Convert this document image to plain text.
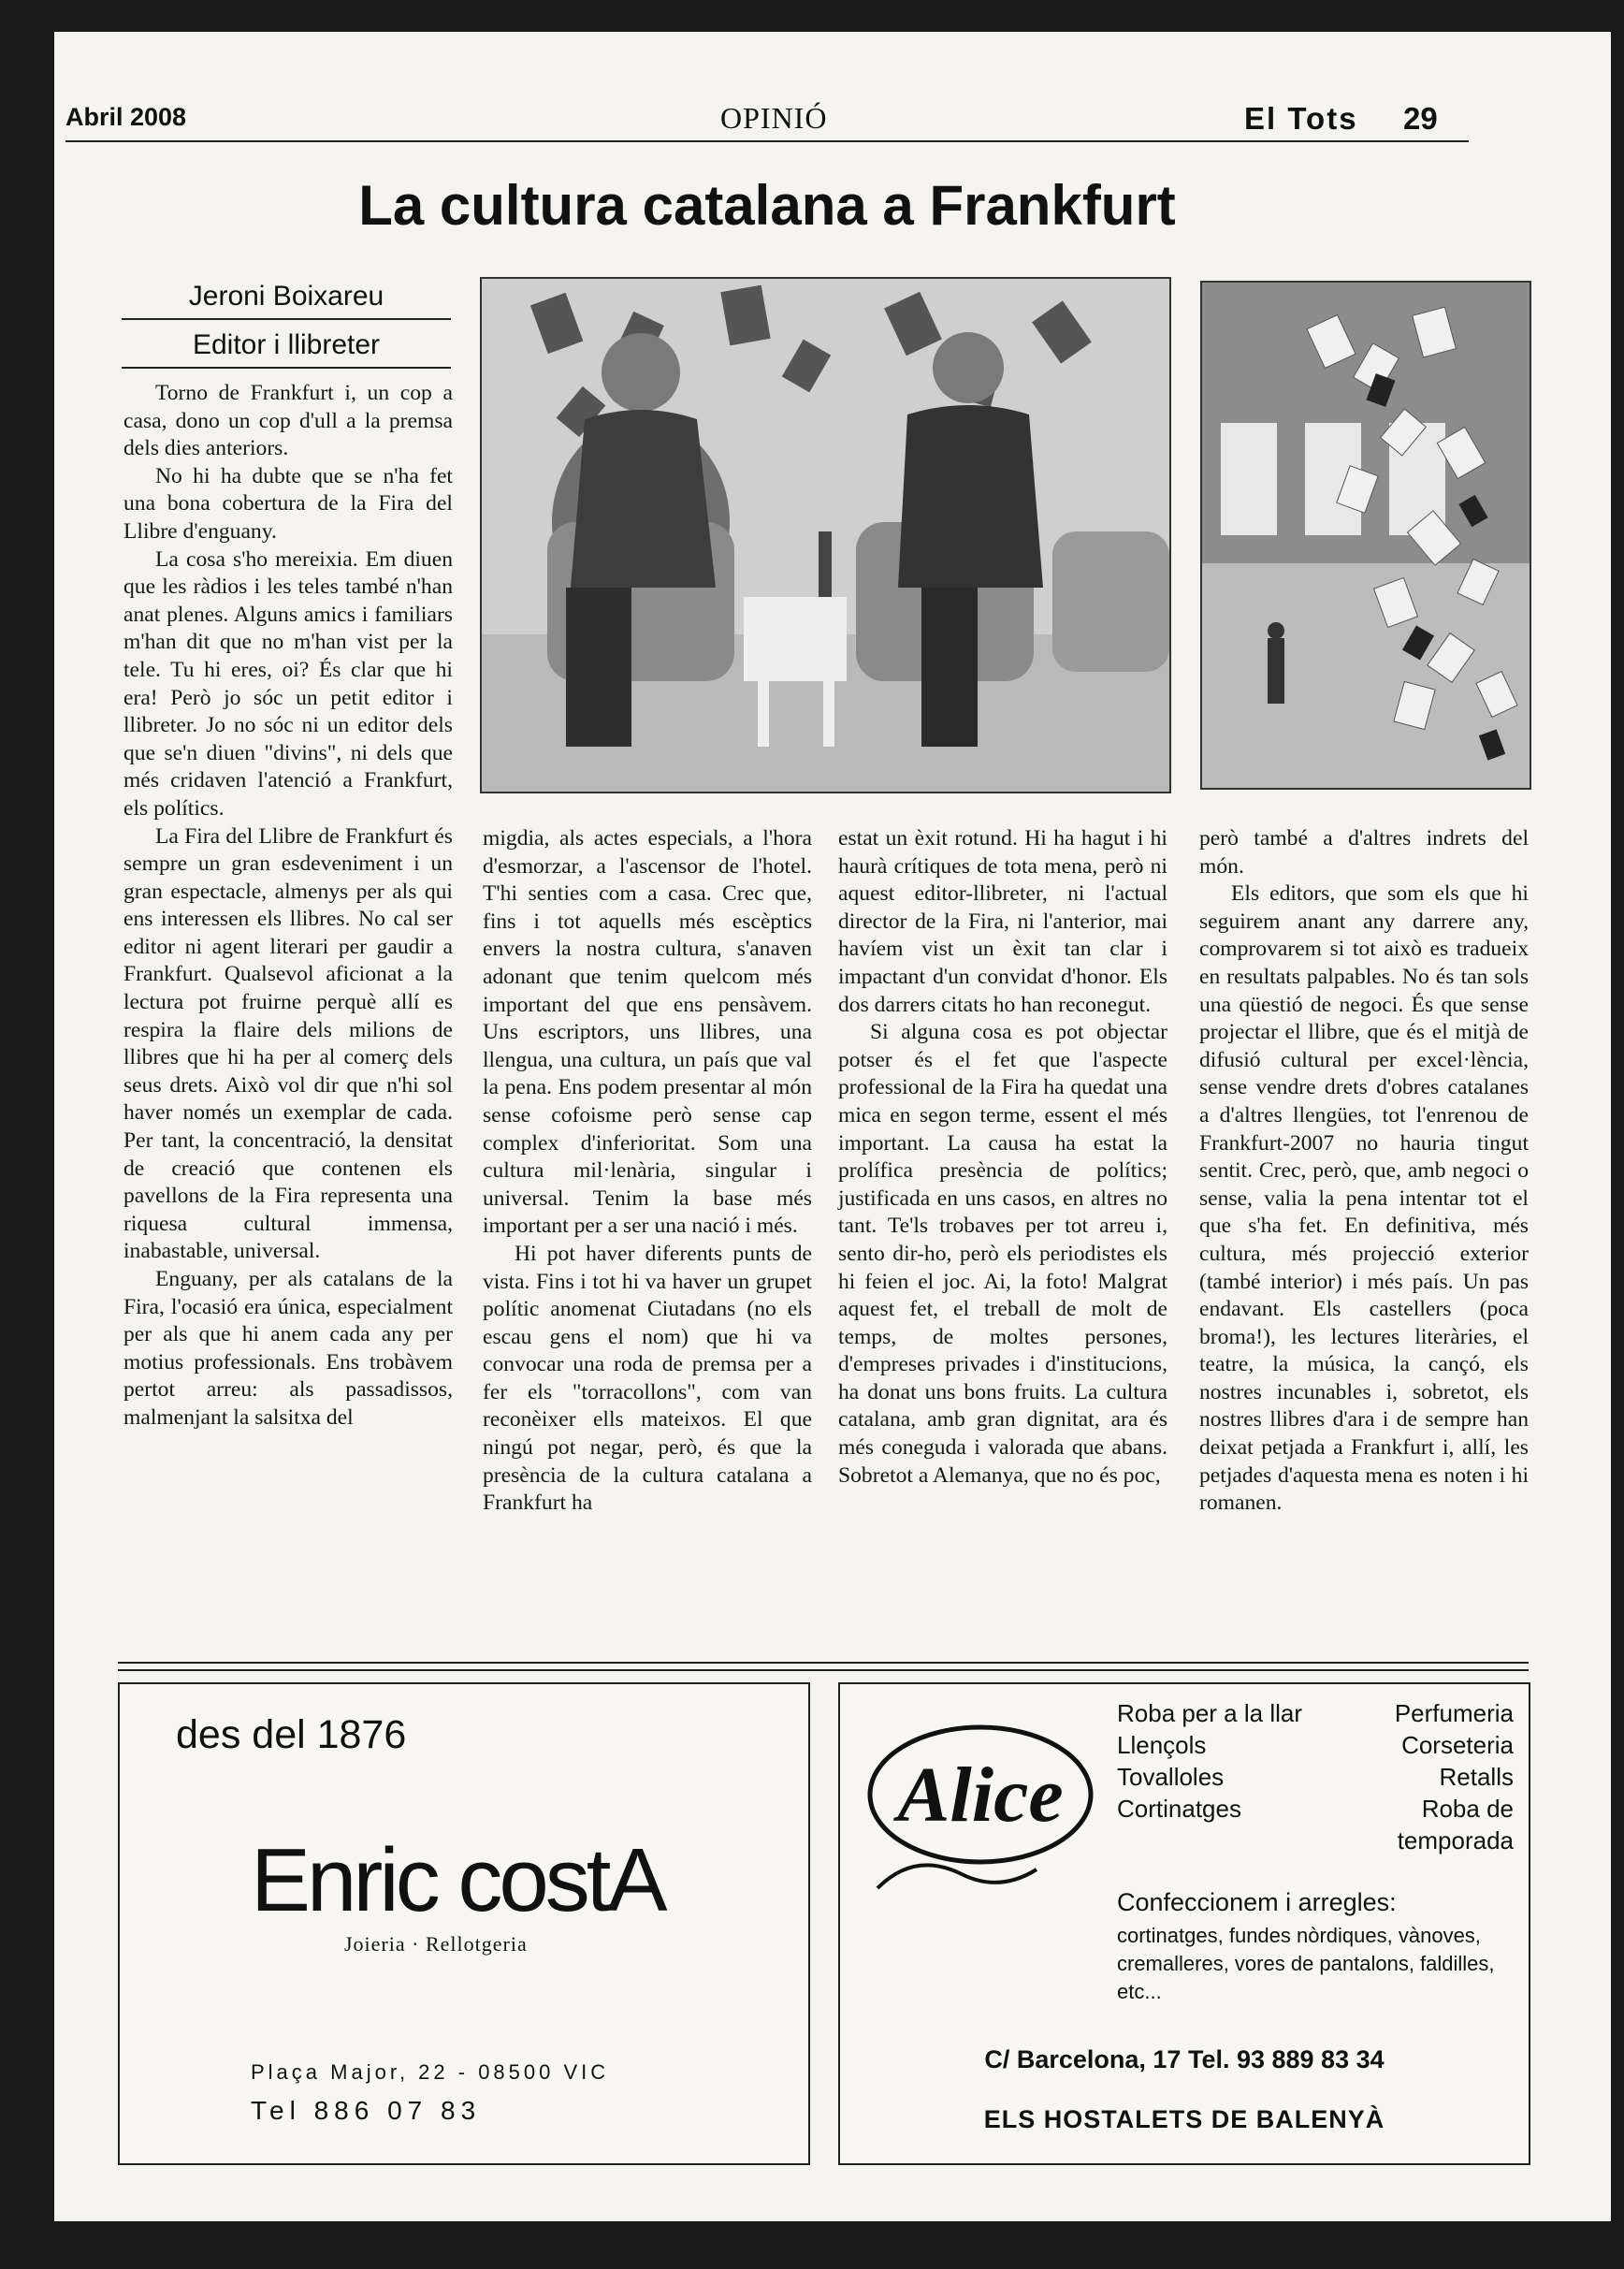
Abril 2008	OPINIÓ	El Tots 29
La cultura catalana a Frankfurt
Jeroni Boixareu
Editor i llibreter

Torno de Frankfurt i, un cop a casa, dono un cop d'ull a la premsa dels dies anteriors.

No hi ha dubte que se n'ha fet una bona cobertura de la Fira del Llibre d'enguany.

La cosa s'ho mereixia. Em diuen que les ràdios i les teles també n'han anat plenes. Alguns amics i familiars m'han dit que no m'han vist per la tele. Tu hi eres, oi? És clar que hi era! Però jo sóc un petit editor i llibreter. Jo no sóc ni un editor dels que se'n diuen "divins", ni dels que més cridaven l'atenció a Frankfurt, els polítics.

La Fira del Llibre de Frankfurt és sempre un gran esdeveniment i un gran espectacle, almenys per als qui ens interessen els llibres. No cal ser editor ni agent literari per gaudir a Frankfurt. Qualsevol aficionat a la lectura pot fruirne perquè allí es respira la flaire dels milions de llibres que hi ha per al comerç dels seus drets. Això vol dir que n'hi sol haver només un exemplar de cada. Per tant, la concentració, la densitat de creació que contenen els pavellons de la Fira representa una riquesa cultural immensa, inabastable, universal.

Enguany, per als catalans de la Fira, l'ocasió era única, especialment per als que hi anem cada any per motius professionals. Ens trobàvem pertot arreu: als passadissos, malmenjant la salsitxa del

migdia, als actes especials, a l'hora d'esmorzar, a l'ascensor de l'hotel. T'hi senties com a casa. Crec que, fins i tot aquells més escèptics envers la nostra cultura, s'anaven adonant que tenim quelcom més important del que ens pensàvem. Uns escriptors, uns llibres, una llengua, una cultura, un país que val la pena. Ens podem presentar al món sense cofoisme però sense cap complex d'inferioritat. Som una cultura mil·lenària, singular i universal. Tenim la base més important per a ser una nació i més.

Hi pot haver diferents punts de vista. Fins i tot hi va haver un grupet polític anomenat Ciutadans (no els escau gens el nom) que hi va convocar una roda de premsa per a fer els "torracollons", com van reconèixer ells mateixos. El que ningú pot negar, però, és que la presència de la cultura catalana a Frankfurt ha

estat un èxit rotund. Hi ha hagut i hi haurà crítiques de tota mena, però ni aquest editor-llibreter, ni l'actual director de la Fira, ni l'anterior, mai havíem vist un èxit tan clar i impactant d'un convidat d'honor. Els dos darrers citats ho han reconegut.

Si alguna cosa es pot objectar potser és el fet que l'aspecte professional de la Fira ha quedat una mica en segon terme, essent el més important. La causa ha estat la prolífica presència de polítics; justificada en uns casos, en altres no tant. Te'ls trobaves per tot arreu i, sento dir-ho, però els periodistes els hi feien el joc. Ai, la foto! Malgrat aquest fet, el treball de molt de temps, de moltes persones, d'empreses privades i d'institucions, ha donat uns bons fruits. La cultura catalana, amb gran dignitat, ara és més coneguda i valorada que abans. Sobretot a Alemanya, que no és poc,

però també a d'altres indrets del món.

Els editors, que som els que hi seguirem anant any darrere any, comprovarem si tot això es tradueix en resultats palpables. No és tan sols una qüestió de negoci. És que sense projectar el llibre, que és el mitjà de difusió cultural per excel·lència, sense vendre drets d'obres catalanes a d'altres llengües, tot l'enrenou de Frankfurt-2007 no hauria tingut sentit. Crec, però, que, amb negoci o sense, valia la pena intentar tot el que s'ha fet. En definitiva, més cultura, més projecció exterior (també interior) i més país. Un pas endavant. Els castellers (poca broma!), les lectures literàries, el teatre, la música, la cançó, els nostres incunables i, sobretot, els nostres llibres d'ara i de sempre han deixat petjada a Frankfurt i, allí, les petjades d'aquesta mena es noten i hi romanen.

des del 1876
Enric costA
Joieria · Rellotgeria
Plaça Major, 22 - 08500 VIC
Tel 886 07 83
Alice
Roba per a la llar
Llençols
Tovalloles
Cortinatges
Perfumeria
Corseteria
Retalls
Roba de
temporada
Confeccionem i arregles:
cortinatges, fundes nòrdiques, vànoves, cremalleres, vores de pantalons, faldilles, etc...
C/ Barcelona, 17 Tel. 93 889 83 34
ELS HOSTALETS DE BALENYÀ
